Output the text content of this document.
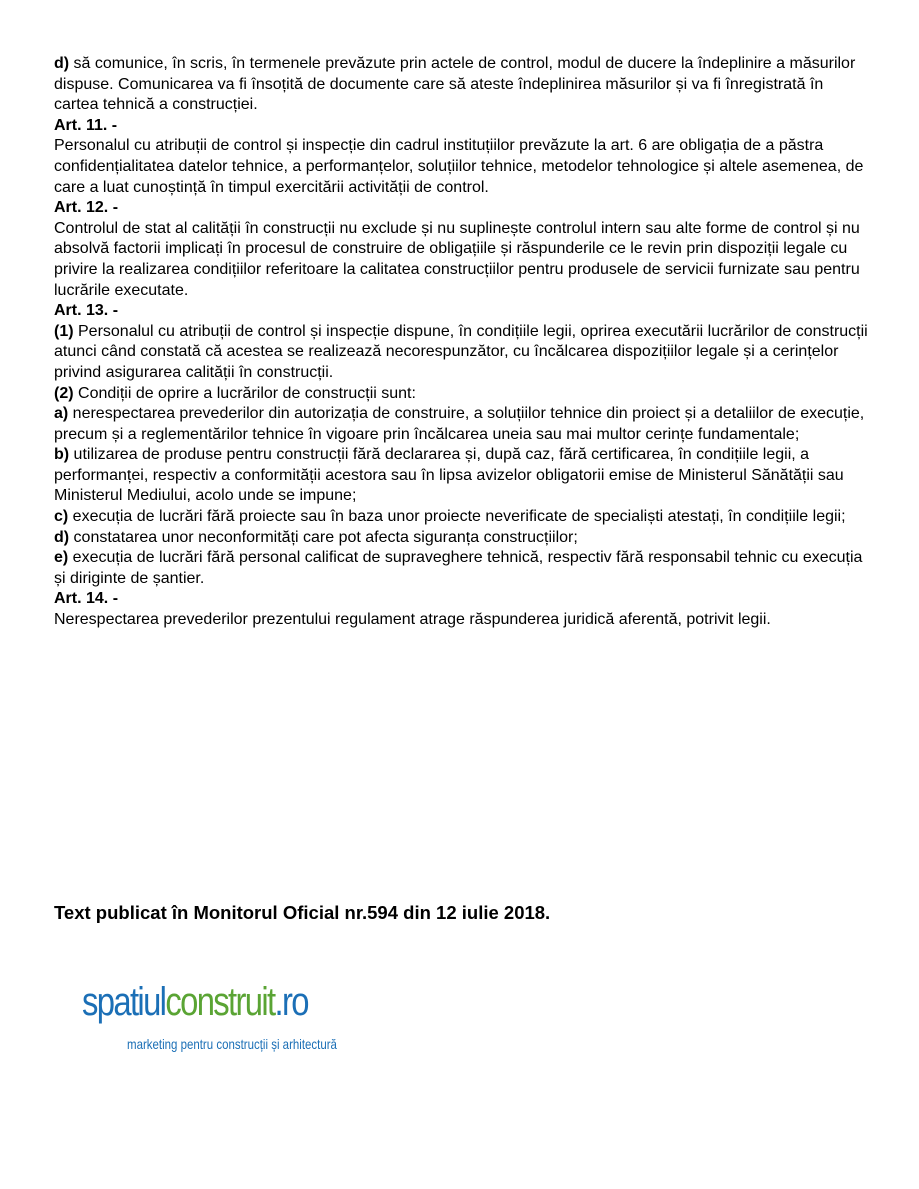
d) să comunice, în scris, în termenele prevăzute prin actele de control, modul de ducere la îndeplinire a măsurilor dispuse. Comunicarea va fi însoțită de documente care să ateste îndeplinirea măsurilor și va fi înregistrată în cartea tehnică a construcției.

Art. 11. -

Personalul cu atribuții de control și inspecție din cadrul instituțiilor prevăzute la art. 6 are obligația de a păstra confidențialitatea datelor tehnice, a performanțelor, soluțiilor tehnice, metodelor tehnologice și altele asemenea, de care a luat cunoștință în timpul exercitării activității de control.

Art. 12. -

Controlul de stat al calității în construcții nu exclude și nu suplinește controlul intern sau alte forme de control și nu absolvă factorii implicați în procesul de construire de obligațiile și răspunderile ce le revin prin dispoziții legale cu privire la realizarea condițiilor referitoare la calitatea construcțiilor pentru produsele de servicii furnizate sau pentru lucrările executate.

Art. 13. -

(1) Personalul cu atribuții de control și inspecție dispune, în condițiile legii, oprirea executării lucrărilor de construcții atunci când constată că acestea se realizează necorespunzător, cu încălcarea dispozițiilor legale și a cerințelor privind asigurarea calității în construcții.

(2) Condiții de oprire a lucrărilor de construcții sunt:

a) nerespectarea prevederilor din autorizația de construire, a soluțiilor tehnice din proiect și a detaliilor de execuție, precum și a reglementărilor tehnice în vigoare prin încălcarea uneia sau mai multor cerințe fundamentale;

b) utilizarea de produse pentru construcții fără declararea și, după caz, fără certificarea, în condițiile legii, a performanței, respectiv a conformității acestora sau în lipsa avizelor obligatorii emise de Ministerul Sănătății sau Ministerul Mediului, acolo unde se impune;

c) execuția de lucrări fără proiecte sau în baza unor proiecte neverificate de specialiști atestați, în condițiile legii;

d) constatarea unor neconformități care pot afecta siguranța construcțiilor;

e) execuția de lucrări fără personal calificat de supraveghere tehnică, respectiv fără responsabil tehnic cu execuția și diriginte de șantier.

Art. 14. -

Nerespectarea prevederilor prezentului regulament atrage răspunderea juridică aferentă, potrivit legii.

Text publicat în Monitorul Oficial nr.594 din 12 iulie 2018.
spatiulconstruit.ro
marketing pentru construcții și arhitectură
